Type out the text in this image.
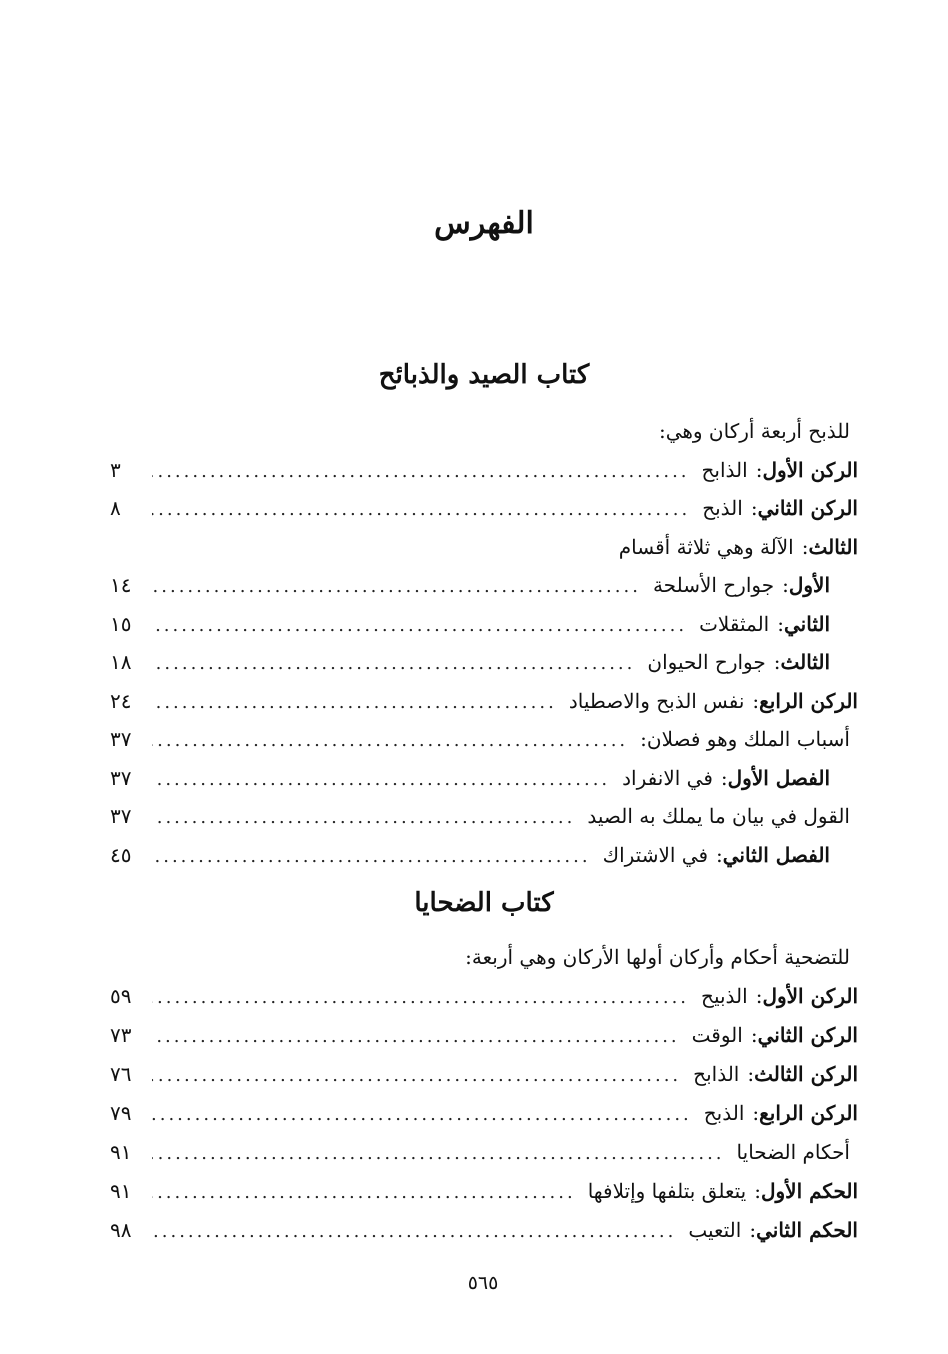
الفهرس
كتاب الصيد والذبائح
للذبح أربعة أركان وهي:
الركن الأول
:
الذابح
.....
٣
الركن الثاني
:
الذبح
.....
٨
الثالث
:
الآلة وهي ثلاثة أقسام
الأول
:
جوارح الأسلحة
.....
١٤
الثاني
:
المثقلات
.....
١٥
الثالث
:
جوارح الحيوان
.....
١٨
الركن الرابع
:
نفس الذبح والاصطياد
.....
٢٤
أسباب الملك وهو فصلان:
.....
٣٧
الفصل الأول
:
في الانفراد
.....
٣٧
القول في بيان ما يملك به الصيد
.....
٣٧
الفصل الثاني
:
في الاشتراك
.....
٤٥
كتاب الضحايا
للتضحية أحكام وأركان أولها الأركان وهي أربعة:
الركن الأول
:
الذبيح
.....
٥٩
الركن الثاني
:
الوقت
.....
٧٣
الركن الثالث
:
الذابح
.....
٧٦
الركن الرابع
:
الذبح
.....
٧٩
أحكام الضحايا
.....
٩١
الحكم الأول
:
يتعلق بتلفها وإتلافها
.....
٩١
الحكم الثاني
:
التعيب
.....
٩٨
٥٦٥
